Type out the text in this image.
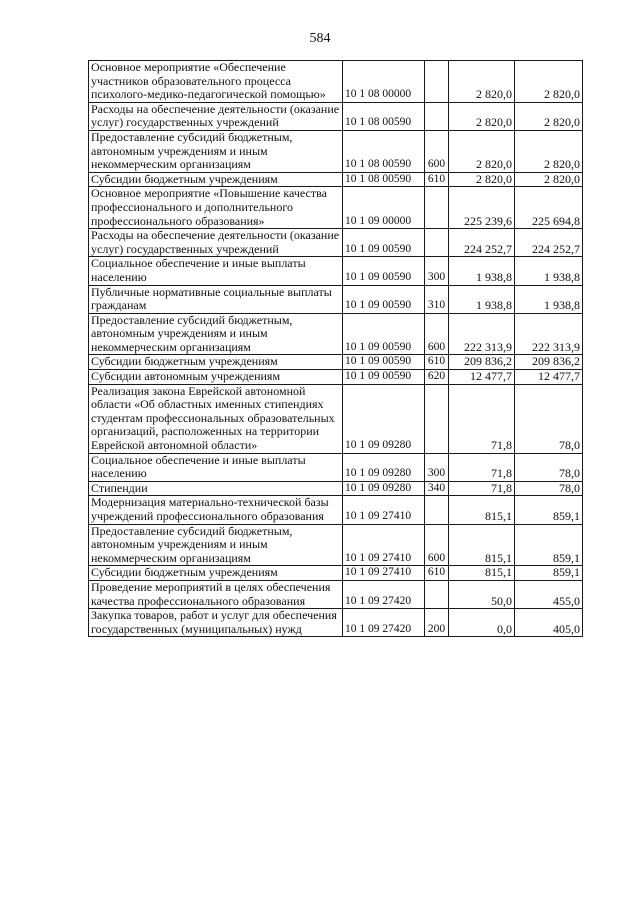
584
Основное мероприятие «Обеспечение участников образовательного процесса психолого-медико-педагогической помощью»	10 1 08 00000		2 820,0	2 820,0
Расходы на обеспечение деятельности (оказание услуг) государственных учреждений	10 1 08 00590		2 820,0	2 820,0
Предоставление субсидий бюджетным, автономным учреждениям и иным некоммерческим организациям	10 1 08 00590	600	2 820,0	2 820,0
Субсидии бюджетным учреждениям	10 1 08 00590	610	2 820,0	2 820,0
Основное мероприятие «Повышение качества профессионального и дополнительного профессионального образования»	10 1 09 00000		225 239,6	225 694,8
Расходы на обеспечение деятельности (оказание услуг) государственных учреждений	10 1 09 00590		224 252,7	224 252,7
Социальное обеспечение и иные выплаты населению	10 1 09 00590	300	1 938,8	1 938,8
Публичные нормативные социальные выплаты гражданам	10 1 09 00590	310	1 938,8	1 938,8
Предоставление субсидий бюджетным, автономным учреждениям и иным некоммерческим организациям	10 1 09 00590	600	222 313,9	222 313,9
Субсидии бюджетным учреждениям	10 1 09 00590	610	209 836,2	209 836,2
Субсидии автономным учреждениям	10 1 09 00590	620	12 477,7	12 477,7
Реализация закона Еврейской автономной области «Об областных именных стипендиях студентам профессиональных образовательных организаций, расположенных на территории Еврейской автономной области»	10 1 09 09280		71,8	78,0
Социальное обеспечение и иные выплаты населению	10 1 09 09280	300	71,8	78,0
Стипендии	10 1 09 09280	340	71,8	78,0
Модернизация материально-технической базы учреждений профессионального образования	10 1 09 27410		815,1	859,1
Предоставление субсидий бюджетным, автономным учреждениям и иным некоммерческим организациям	10 1 09 27410	600	815,1	859,1
Субсидии бюджетным учреждениям	10 1 09 27410	610	815,1	859,1
Проведение мероприятий в целях обеспечения качества профессионального образования	10 1 09 27420		50,0	455,0
Закупка товаров, работ и услуг для обеспечения государственных (муниципальных) нужд	10 1 09 27420	200	0,0	405,0
